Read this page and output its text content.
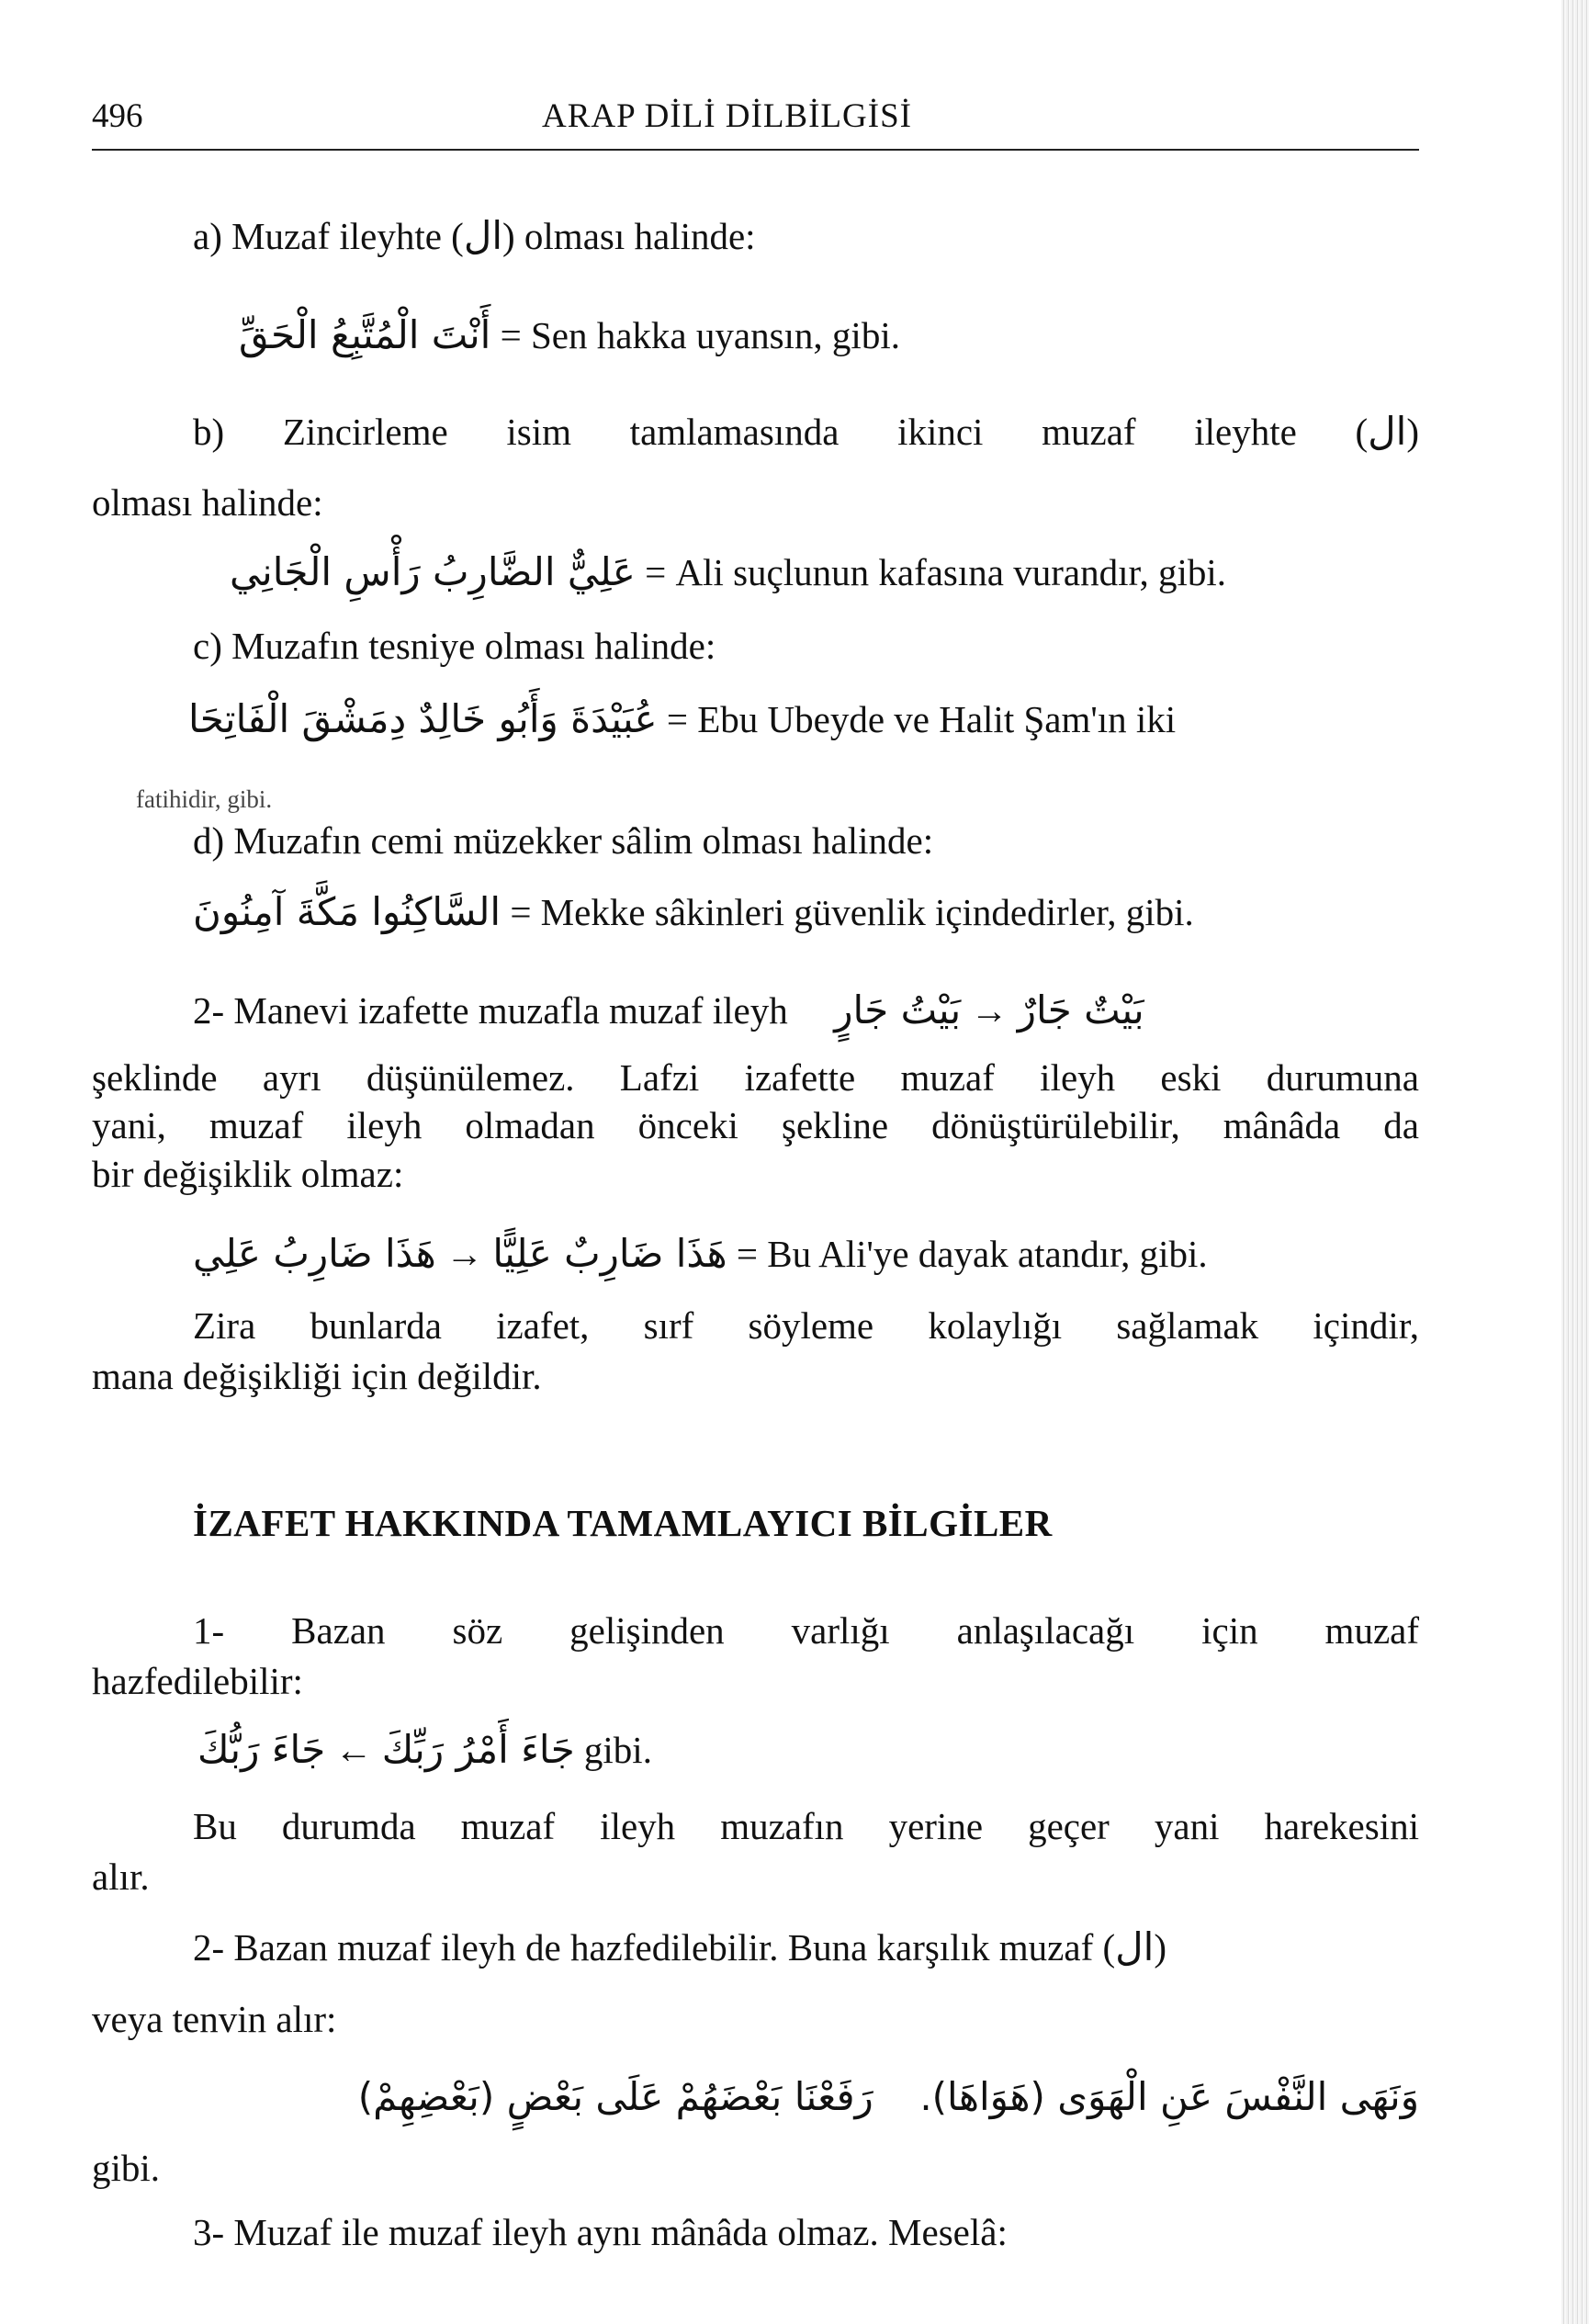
496	ARAP DİLİ DİLBİLGİSİ
a) Muzaf ileyhte (ال) olması halinde:
أَنْتَ الْمُتَّبِعُ الْحَقِّ = Sen hakka uyansın, gibi.
b) Zincirleme isim tamlamasında ikinci muzaf ileyhte (ال)
olması halinde:
عَلِيٌّ الضَّارِبُ رَأْسِ الْجَانِي = Ali suçlunun kafasına vurandır, gibi.
c) Muzafın tesniye olması halinde:
عُبَيْدَةَ وَأَبُو خَالِدٌ دِمَشْقَ الْفَاتِحَا = Ebu Ubeyde ve Halit Şam'ın iki
fatihidir, gibi.
d) Muzafın cemi müzekker sâlim olması halinde:
السَّاكِنُوا مَكَّةَ آمِنُونَ = Mekke sâkinleri güvenlik içindedirler, gibi.
2- Manevi izafette muzafla muzaf ileyh بَيْتُ جَارٍ → بَيْتٌ جَارٌ
şeklinde ayrı düşünülemez. Lafzi izafette muzaf ileyh eski durumuna
yani, muzaf ileyh olmadan önceki şekline dönüştürülebilir, mânâda da
bir değişiklik olmaz:
هَذَا ضَارِبُ عَلِي → هَذَا ضَارِبٌ عَلِيًّا = Bu Ali'ye dayak atandır, gibi.
Zira bunlarda izafet, sırf söyleme kolaylığı sağlamak içindir,
mana değişikliği için değildir.
İZAFET HAKKINDA TAMAMLAYICI BİLGİLER
1- Bazan söz gelişinden varlığı anlaşılacağı için muzaf
hazfedilebilir:
جَاءَ رَبُّكَ ← جَاءَ أَمْرُ رَبِّكَ gibi.
Bu durumda muzaf ileyh muzafın yerine geçer yani harekesini
alır.
2- Bazan muzaf ileyh de hazfedilebilir. Buna karşılık muzaf (ال)
veya tenvin alır:
وَنَهَى النَّفْسَ عَنِ الْهَوَى (هَوَاهَا).  رَفَعْنَا بَعْضَهُمْ عَلَى بَعْضٍ (بَعْضِهِمْ)
gibi.
3- Muzaf ile muzaf ileyh aynı mânâda olmaz. Meselâ:
